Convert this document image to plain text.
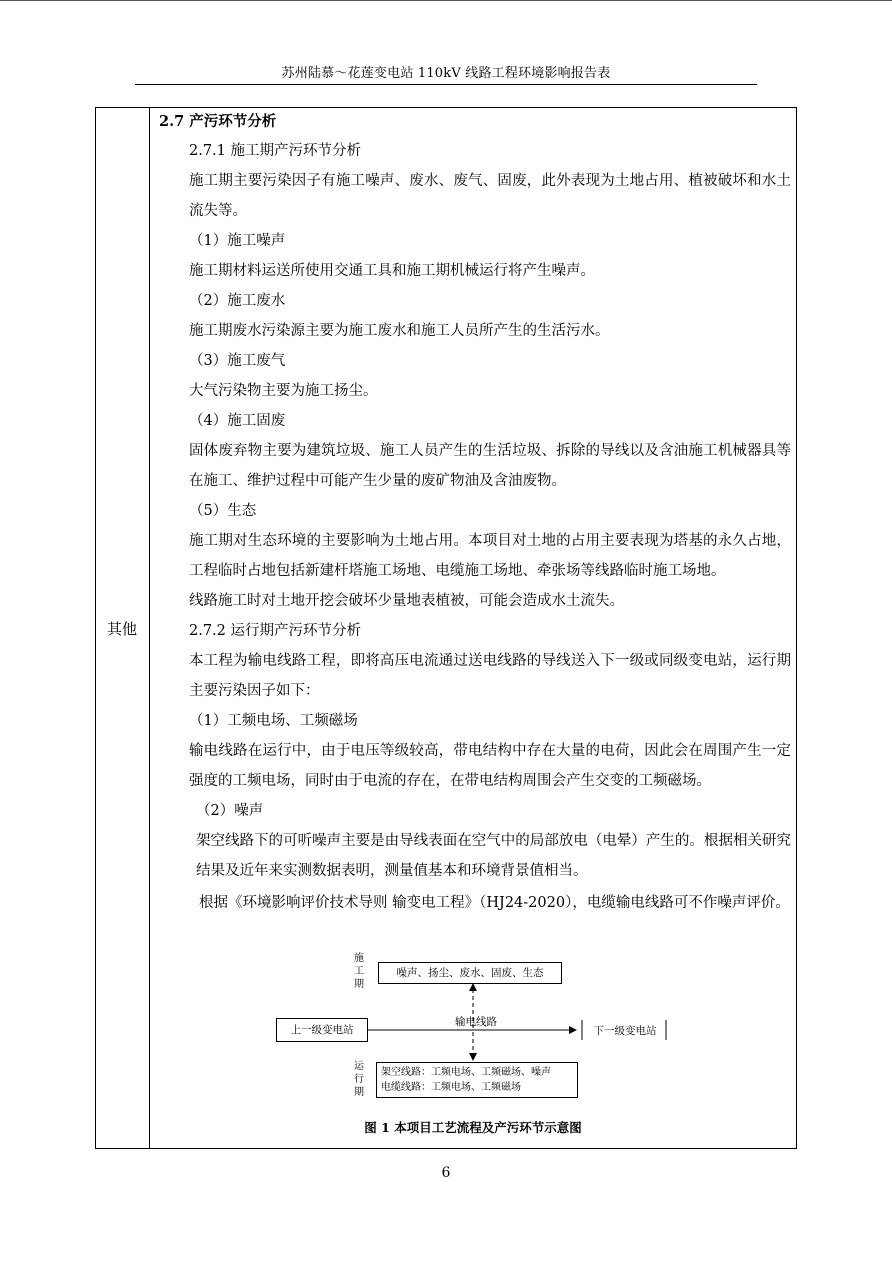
苏州陆慕～花莲变电站 110kV 线路工程环境影响报告表
其他

2.7 产污环节分析

2.7.1 施工期产污环节分析

施工期主要污染因子有施工噪声、废水、废气、固废，此外表现为土地占用、植被破坏和水土流失等。

（1）施工噪声

施工期材料运送所使用交通工具和施工期机械运行将产生噪声。

（2）施工废水

施工期废水污染源主要为施工废水和施工人员所产生的生活污水。

（3）施工废气

大气污染物主要为施工扬尘。

（4）施工固废

固体废弃物主要为建筑垃圾、施工人员产生的生活垃圾、拆除的导线以及含油施工机械器具等在施工、维护过程中可能产生少量的废矿物油及含油废物。

（5）生态

施工期对生态环境的主要影响为土地占用。本项目对土地的占用主要表现为塔基的永久占地，工程临时占地包括新建杆塔施工场地、电缆施工场地、牵张场等线路临时施工场地。

线路施工时对土地开挖会破坏少量地表植被，可能会造成水土流失。

2.7.2 运行期产污环节分析

本工程为输电线路工程，即将高压电流通过送电线路的导线送入下一级或同级变电站，运行期主要污染因子如下：

（1）工频电场、工频磁场

输电线路在运行中，由于电压等级较高，带电结构中存在大量的电荷，因此会在周围产生一定强度的工频电场，同时由于电流的存在，在带电结构周围会产生交变的工频磁场。

（2）噪声

架空线路下的可听噪声主要是由导线表面在空气中的局部放电（电晕）产生的。根据相关研究结果及近年来实测数据表明，测量值基本和环境背景值相当。

根据《环境影响评价技术导则 输变电工程》（HJ24-2020），电缆输电线路可不作噪声评价。

施工期
噪声、扬尘、废水、固废、生态
上一级变电站
输电线路
下一级变电站
运行期
架空线路：工频电场、工频磁场、噪声
电缆线路：工频电场、工频磁场
图 1 本项目工艺流程及产污环节示意图
6
